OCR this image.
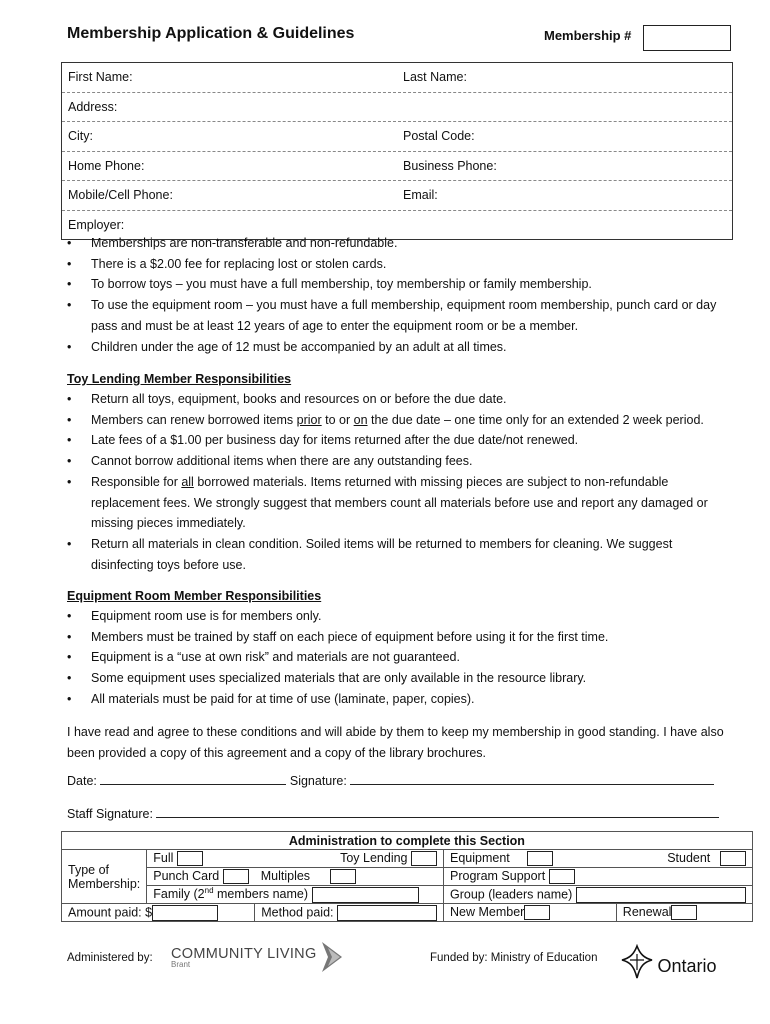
Membership Application & Guidelines	Membership #
First Name:	Last Name:
Address:
City:	Postal Code:
Home Phone:	Business Phone:
Mobile/Cell Phone:	Email:
Employer:
• Memberships are non-transferable and non-refundable.
• There is a $2.00 fee for replacing lost or stolen cards.
• To borrow toys – you must have a full membership, toy membership or family membership.
• To use the equipment room – you must have a full membership, equipment room membership, punch card or day pass and must be at least 12 years of age to enter the equipment room or be a member.
• Children under the age of 12 must be accompanied by an adult at all times.
Toy Lending Member Responsibilities
• Return all toys, equipment, books and resources on or before the due date.
• Members can renew borrowed items prior to or on the due date – one time only for an extended 2 week period.
• Late fees of a $1.00 per business day for items returned after the due date/not renewed.
• Cannot borrow additional items when there are any outstanding fees.
• Responsible for all borrowed materials. Items returned with missing pieces are subject to non-refundable replacement fees. We strongly suggest that members count all materials before use and report any damaged or missing pieces immediately.
• Return all materials in clean condition. Soiled items will be returned to members for cleaning. We suggest disinfecting toys before use.
Equipment Room Member Responsibilities
• Equipment room use is for members only.
• Members must be trained by staff on each piece of equipment before using it for the first time.
• Equipment is a “use at own risk” and materials are not guaranteed.
• Some equipment uses specialized materials that are only available in the resource library.
• All materials must be paid for at time of use (laminate, paper, copies).
I have read and agree to these conditions and will abide by them to keep my membership in good standing. I have also been provided a copy of this agreement and a copy of the library brochures.
Date:	Signature:
Staff Signature:
Administration to complete this Section				
Type of Membership:	Full	Toy Lending	Equipment	Student
	Punch Card	Multiples	Program Support	
	Family (2nd members name)		Group (leaders name)	
Amount paid: $		Method paid:	New Member	Renewal
Administered by: COMMUNITY LIVING
Brant
Funded by: Ministry of Education	Ontario
